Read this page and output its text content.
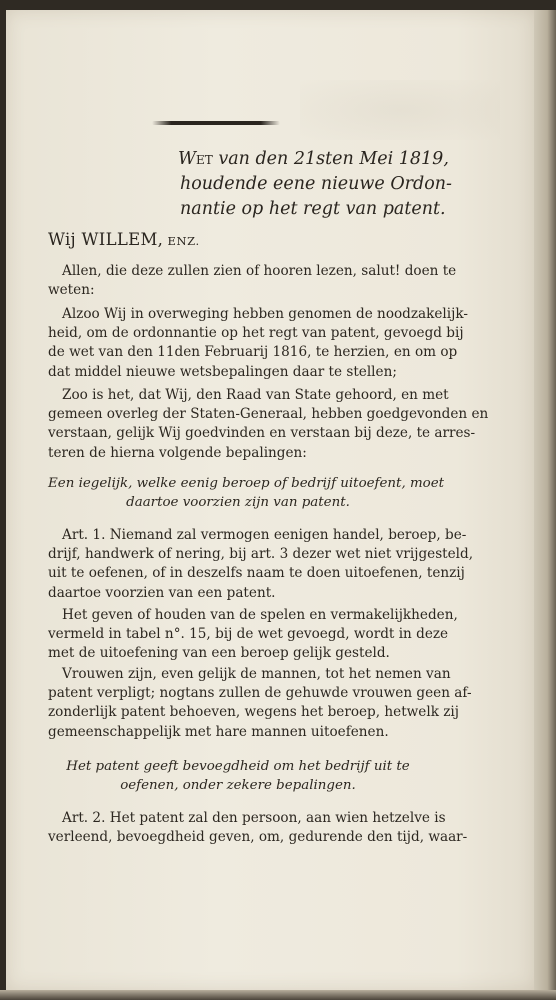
Wet van den 21sten Mei 1819,
houdende eene nieuwe Ordon-
nantie op het regt van patent.
Wij WILLEM, ENZ.
Allen, die deze zullen zien of hooren lezen, salut! doen te
weten:
Alzoo Wij in overweging hebben genomen de noodzakelijk-
heid, om de ordonnantie op het regt van patent, gevoegd bij
de wet van den 11den Februarij 1816, te herzien, en om op
dat middel nieuwe wetsbepalingen daar te stellen;
Zoo is het, dat Wij, den Raad van State gehoord, en met
gemeen overleg der Staten-Generaal, hebben goedgevonden en
verstaan, gelijk Wij goedvinden en verstaan bij deze, te arres-
teren de hierna volgende bepalingen:
Een iegelijk, welke eenig beroep of bedrijf uitoefent, moet
daartoe voorzien zijn van patent.
Art. 1. Niemand zal vermogen eenigen handel, beroep, be-
drijf, handwerk of nering, bij art. 3 dezer wet niet vrijgesteld,
uit te oefenen, of in deszelfs naam te doen uitoefenen, tenzij
daartoe voorzien van een patent.
Het geven of houden van de spelen en vermakelijkheden,
vermeld in tabel n°. 15, bij de wet gevoegd, wordt in deze
met de uitoefening van een beroep gelijk gesteld.
Vrouwen zijn, even gelijk de mannen, tot het nemen van
patent verpligt; nogtans zullen de gehuwde vrouwen geen af-
zonderlijk patent behoeven, wegens het beroep, hetwelk zij
gemeenschappelijk met hare mannen uitoefenen.
Het patent geeft bevoegdheid om het bedrijf uit te
oefenen, onder zekere bepalingen.
Art. 2. Het patent zal den persoon, aan wien hetzelve is
verleend, bevoegdheid geven, om, gedurende den tijd, waar-
